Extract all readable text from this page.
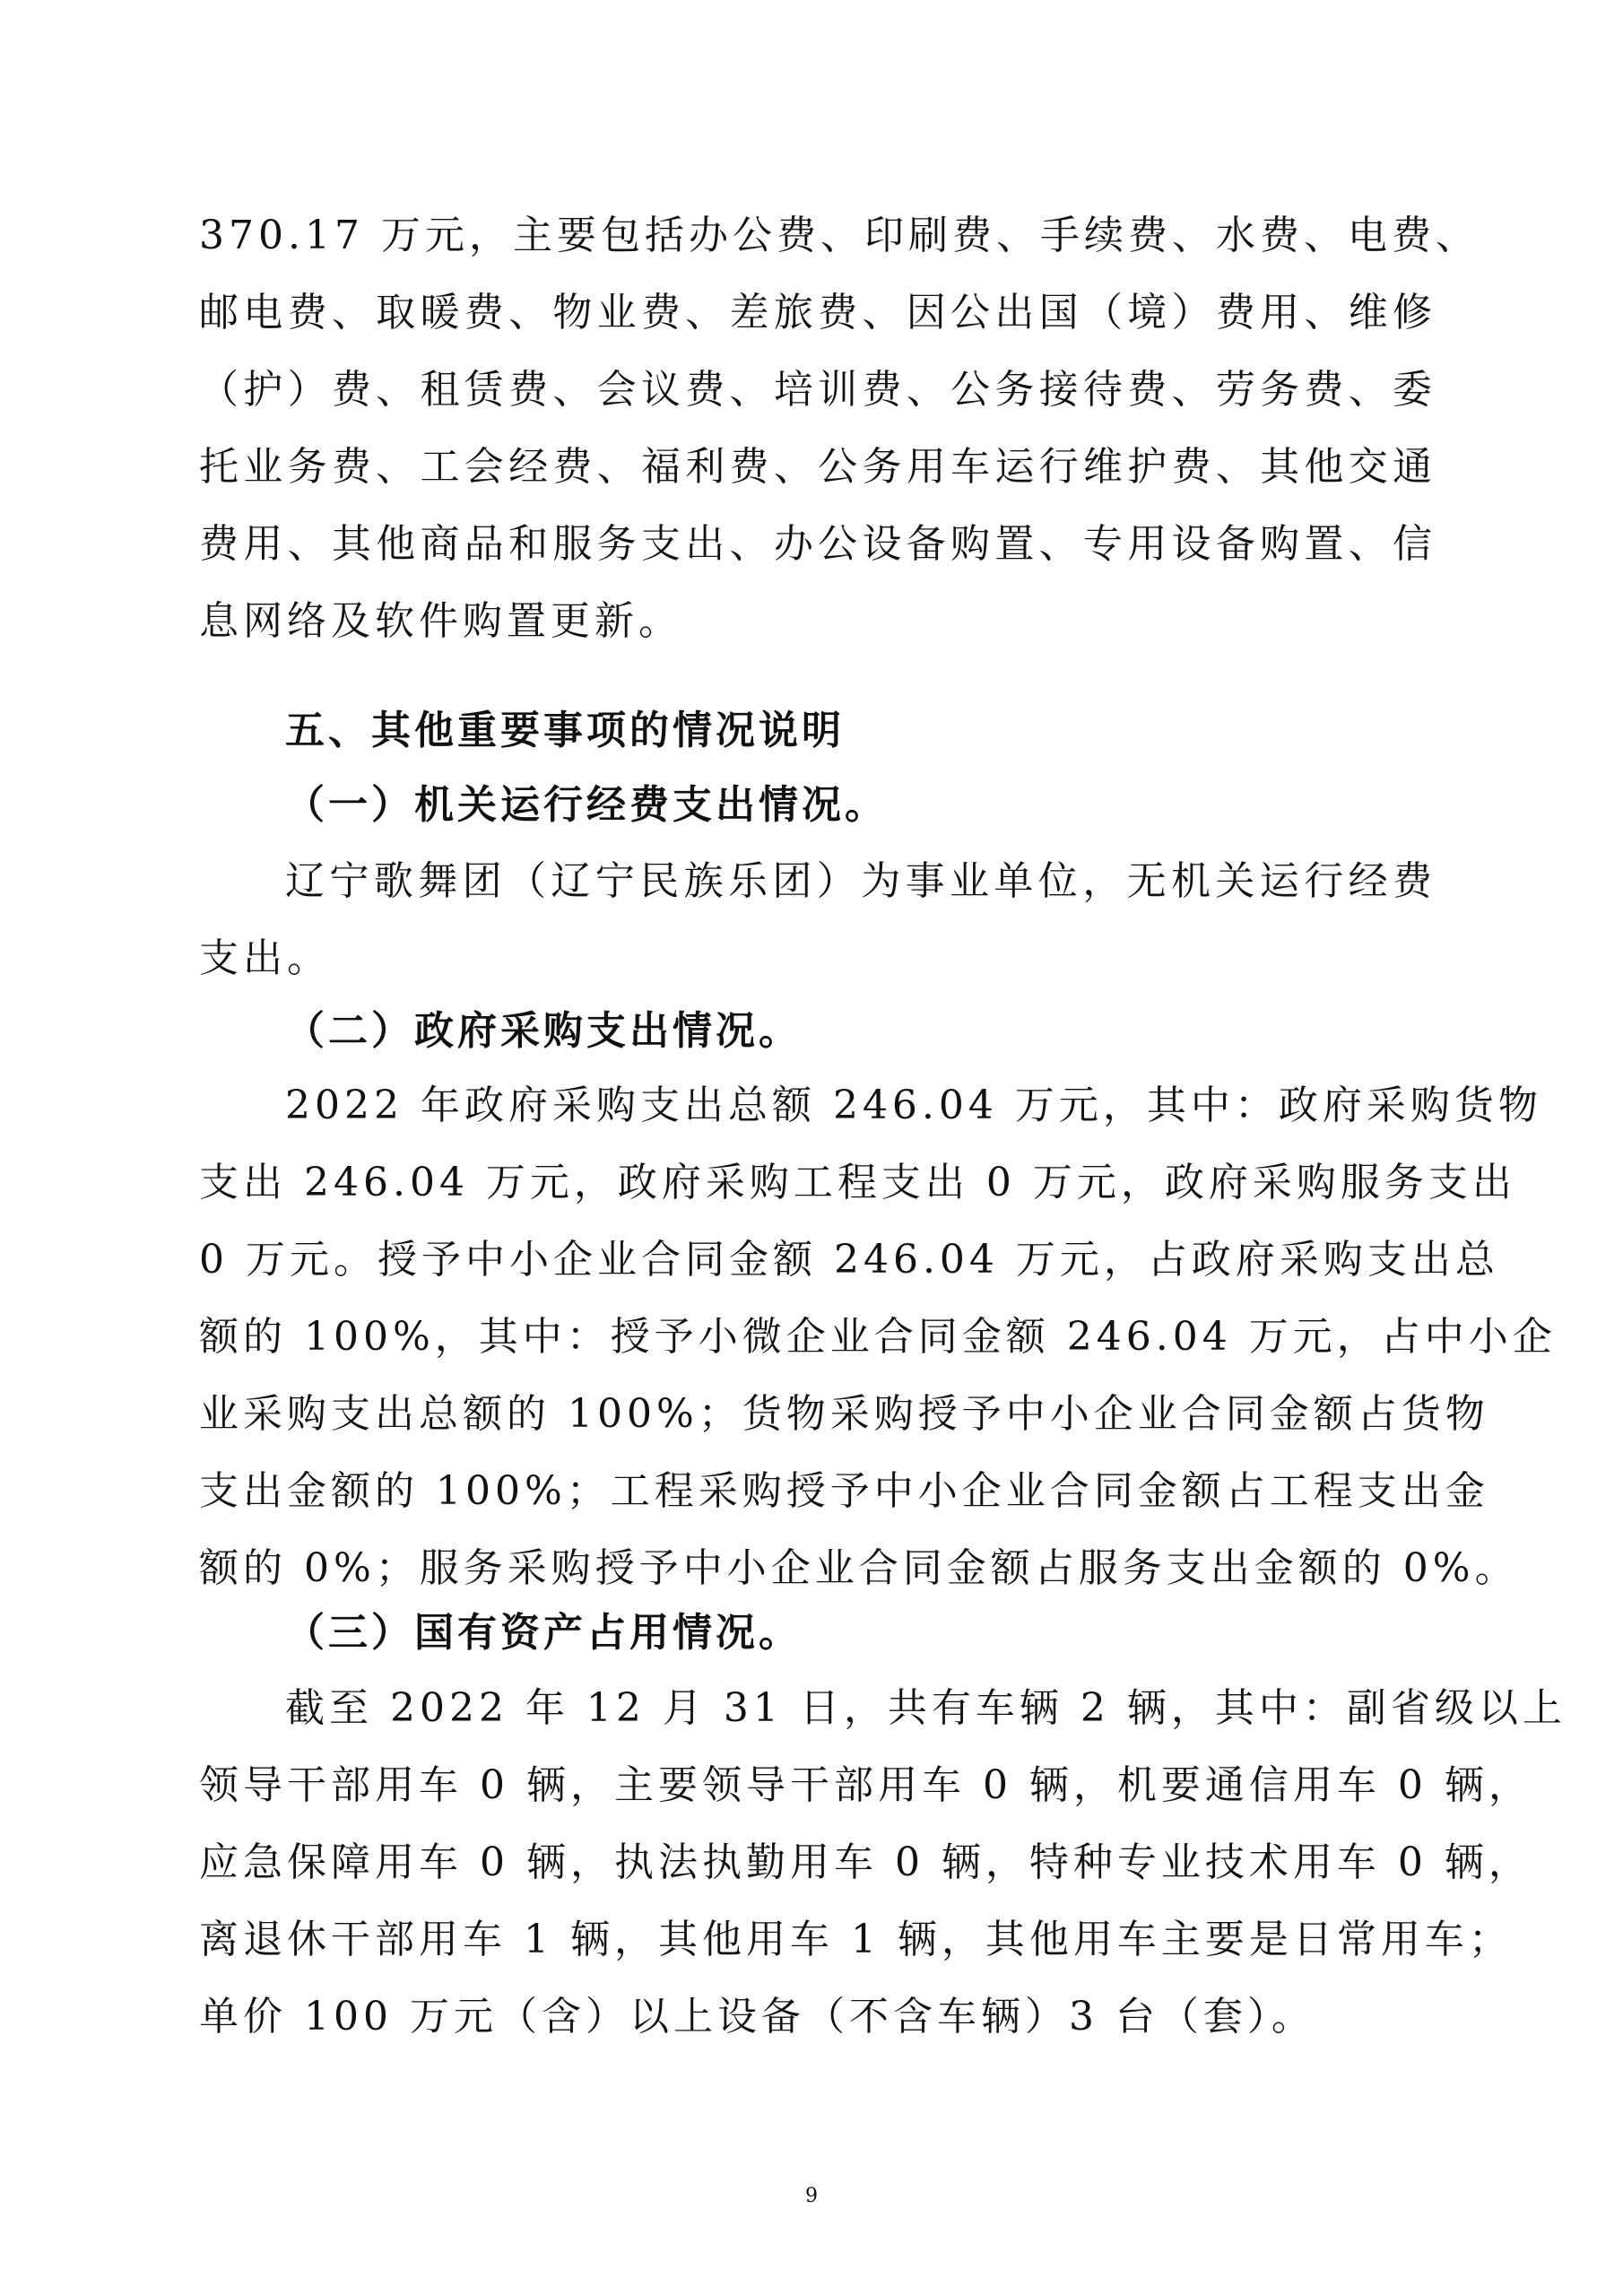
370.17 万元，主要包括办公费、印刷费、手续费、水费、电费、
邮电费、取暖费、物业费、差旅费、因公出国（境）费用、维修
（护）费、租赁费、会议费、培训费、公务接待费、劳务费、委
托业务费、工会经费、福利费、公务用车运行维护费、其他交通
费用、其他商品和服务支出、办公设备购置、专用设备购置、信
息网络及软件购置更新。
五、其他重要事项的情况说明
（一）机关运行经费支出情况。
辽宁歌舞团（辽宁民族乐团）为事业单位，无机关运行经费
支出。
（二）政府采购支出情况。
2022 年政府采购支出总额 246.04 万元，其中：政府采购货物
支出 246.04 万元，政府采购工程支出 0 万元，政府采购服务支出
0 万元。授予中小企业合同金额 246.04 万元，占政府采购支出总
额的 100%，其中：授予小微企业合同金额 246.04 万元，占中小企
业采购支出总额的 100%；货物采购授予中小企业合同金额占货物
支出金额的 100%；工程采购授予中小企业合同金额占工程支出金
额的 0%；服务采购授予中小企业合同金额占服务支出金额的 0%。
（三）国有资产占用情况。
截至 2022 年 12 月 31 日，共有车辆 2 辆，其中：副省级以上
领导干部用车 0 辆，主要领导干部用车 0 辆，机要通信用车 0 辆，
应急保障用车 0 辆，执法执勤用车 0 辆，特种专业技术用车 0 辆，
离退休干部用车 1 辆，其他用车 1 辆，其他用车主要是日常用车；
单价 100 万元（含）以上设备（不含车辆）3 台（套）。
9
